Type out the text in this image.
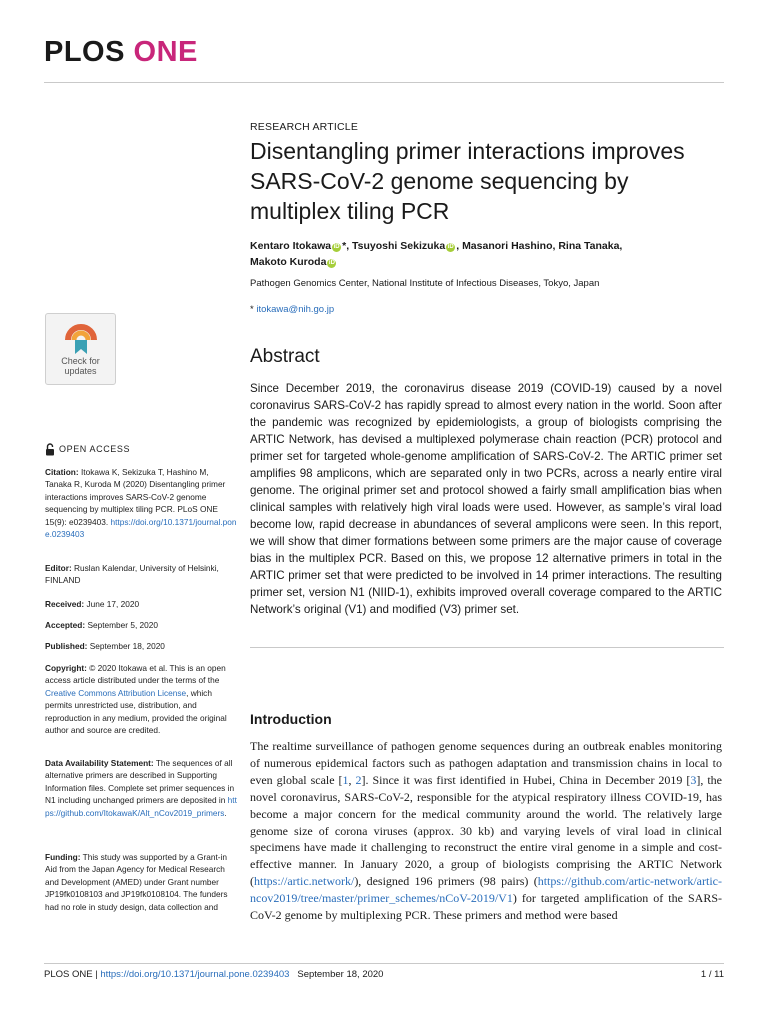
PLOS ONE
RESEARCH ARTICLE
Disentangling primer interactions improves SARS-CoV-2 genome sequencing by multiplex tiling PCR
Kentaro Itokawa iD *, Tsuyoshi Sekizuka iD , Masanori Hashino, Rina Tanaka,
Makoto Kuroda iD
Pathogen Genomics Center, National Institute of Infectious Diseases, Tokyo, Japan
* itokawa@nih.go.jp
Abstract

Since December 2019, the coronavirus disease 2019 (COVID-19) caused by a novel coronavirus SARS-CoV-2 has rapidly spread to almost every nation in the world. Soon after the pandemic was recognized by epidemiologists, a group of biologists comprising the ARTIC Network, has devised a multiplexed polymerase chain reaction (PCR) protocol and primer set for targeted whole-genome amplification of SARS-CoV-2. The ARTIC primer set amplifies 98 amplicons, which are separated only in two PCRs, across a nearly entire viral genome. The original primer set and protocol showed a fairly small amplification bias when clinical samples with relatively high viral loads were used. However, as sample’s viral load become low, rapid decrease in abundances of several amplicons were seen. In this report, we will show that dimer formations between some primers are the major cause of coverage bias in the multiplex PCR. Based on this, we propose 12 alternative primers in total in the ARTIC primer set that were predicted to be involved in 14 primer interactions. The resulting primer set, version N1 (NIID-1), exhibits improved overall coverage compared to the ARTIC Network’s original (V1) and modified (V3) primer set.

Introduction

The realtime surveillance of pathogen genome sequences during an outbreak enables monitoring of numerous epidemical factors such as pathogen adaptation and transmission chains in local to even global scale [1, 2]. Since it was first identified in Hubei, China in December 2019 [3], the novel coronavirus, SARS-CoV-2, responsible for the atypical respiratory illness COVID-19, has become a major concern for the medical community around the world. The relatively large genome size of corona viruses (approx. 30 kb) and varying levels of viral load in clinical specimens have made it challenging to reconstruct the entire viral genome in a simple and cost-effective manner. In January 2020, a group of biologists comprising the ARTIC Network (https://artic.network/), designed 196 primers (98 pairs) (https://github.com/artic-network/artic-ncov2019/tree/master/primer_schemes/nCoV-2019/V1) for targeted amplification of the SARS-CoV-2 genome by multiplexing PCR. These primers and method were based

Check for
updates
OPEN ACCESS
Citation: Itokawa K, Sekizuka T, Hashino M, Tanaka R, Kuroda M (2020) Disentangling primer interactions improves SARS-CoV-2 genome sequencing by multiplex tiling PCR. PLoS ONE 15(9): e0239403. https://doi.org/10.1371/journal.pone.0239403
Editor: Ruslan Kalendar, University of Helsinki, FINLAND
Received: June 17, 2020
Accepted: September 5, 2020
Published: September 18, 2020
Copyright: © 2020 Itokawa et al. This is an open access article distributed under the terms of the Creative Commons Attribution License, which permits unrestricted use, distribution, and reproduction in any medium, provided the original author and source are credited.
Data Availability Statement: The sequences of all alternative primers are described in Supporting Information files. Complete set primer sequences in N1 including unchanged primers are deposited in https://github.com/ItokawaK/Alt_nCov2019_primers.
Funding: This study was supported by a Grant-in Aid from the Japan Agency for Medical Research and Development (AMED) under Grant number JP19fk0108103 and JP19fk0108104. The funders had no role in study design, data collection and
PLOS ONE | https://doi.org/10.1371/journal.pone.0239403 September 18, 2020	1 / 11
